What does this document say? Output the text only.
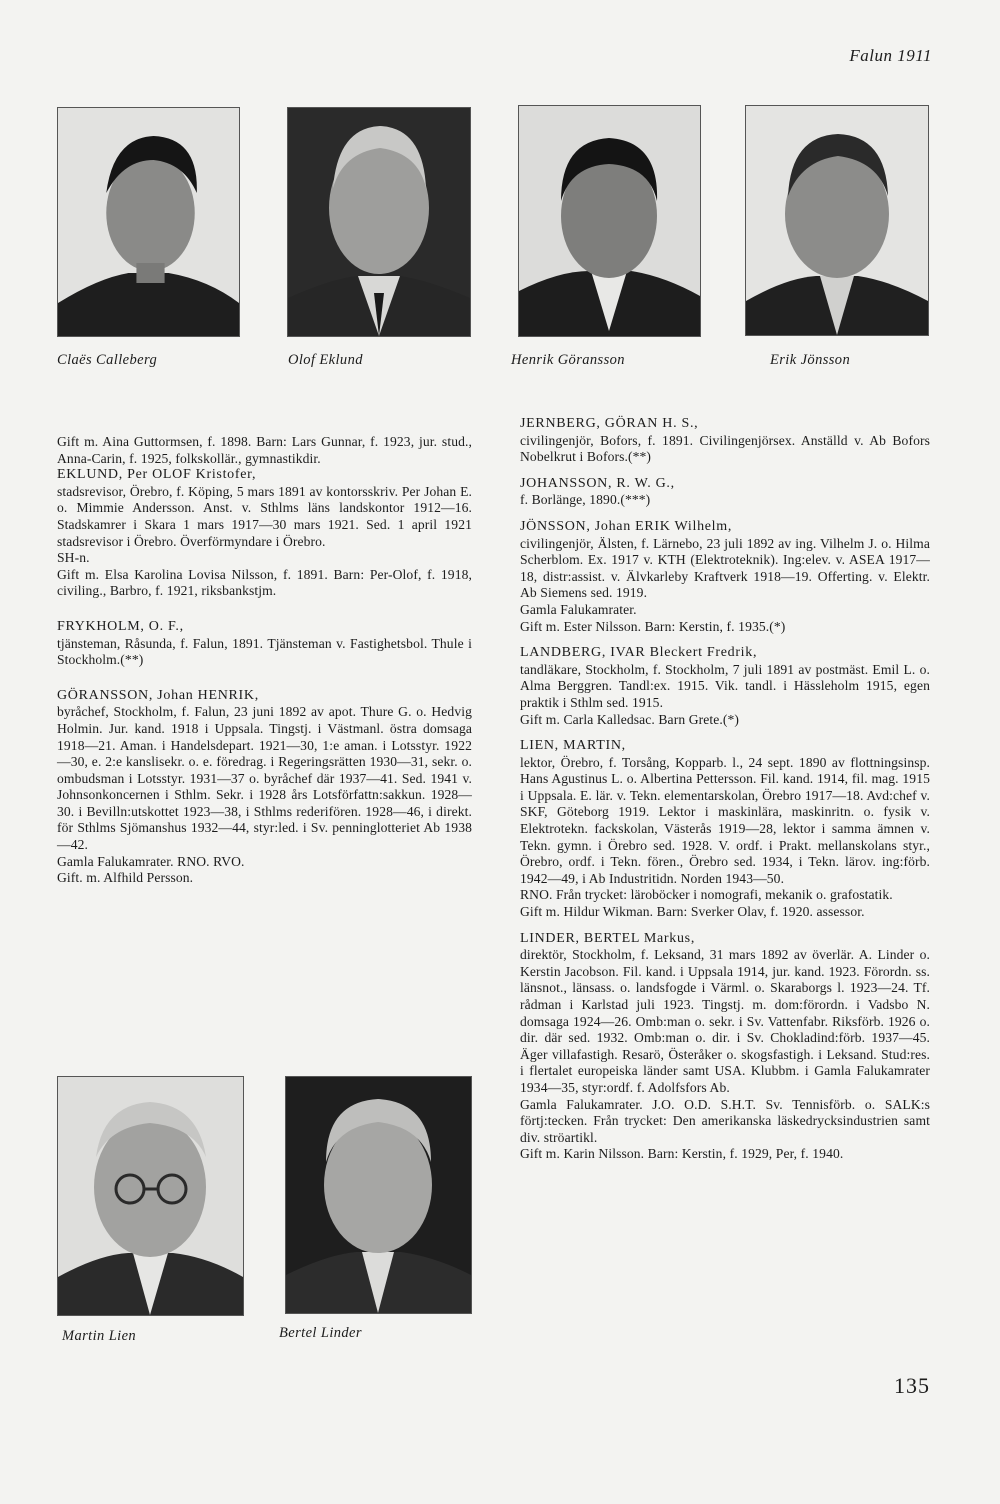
Falun 1911
Claës Calleberg	Olof Eklund	Henrik Göransson	Erik Jönsson

Gift m. Aina Guttormsen, f. 1898. Barn: Lars Gunnar, f. 1923, jur. stud., Anna-Carin, f. 1925, folkskollär., gymnastikdir.

EKLUND, Per OLOF Kristofer,

stadsrevisor, Örebro, f. Köping, 5 mars 1891 av kontorsskriv. Per Johan E. o. Mimmie Andersson. Anst. v. Sthlms läns landskontor 1912—16. Stadskamrer i Skara 1 mars 1917—30 mars 1921. Sed. 1 april 1921 stadsrevisor i Örebro. Överförmyndare i Örebro.

SH-n.

Gift m. Elsa Karolina Lovisa Nilsson, f. 1891. Barn: Per-Olof, f. 1918, civiling., Barbro, f. 1921, riksbankstjm.

FRYKHOLM, O. F.,

tjänsteman, Råsunda, f. Falun, 1891. Tjänsteman v. Fastighetsbol. Thule i Stockholm.(**)

GÖRANSSON, Johan HENRIK,

byråchef, Stockholm, f. Falun, 23 juni 1892 av apot. Thure G. o. Hedvig Holmin. Jur. kand. 1918 i Uppsala. Tingstj. i Västmanl. östra domsaga 1918—21. Aman. i Handelsdepart. 1921—30, 1:e aman. i Lotsstyr. 1922—30, e. 2:e kanslisekr. o. e. föredrag. i Regeringsrätten 1930—31, sekr. o. ombudsman i Lotsstyr. 1931—37 o. byråchef där 1937—41. Sed. 1941 v. Johnsonkoncernen i Sthlm. Sekr. i 1928 års Lotsförfattn:sakkun. 1928—30. i Bevilln:utskottet 1923—38, i Sthlms rederifören. 1928—46, i direkt. för Sthlms Sjömanshus 1932—44, styr:led. i Sv. penninglotteriet Ab 1938—42.

Gamla Falukamrater. RNO. RVO.

Gift. m. Alfhild Persson.

Martin Lien	Bertel Linder

JERNBERG, GÖRAN H. S.,

civilingenjör, Bofors, f. 1891. Civilingenjörsex. Anställd v. Ab Bofors Nobelkrut i Bofors.(**)

JOHANSSON, R. W. G.,

f. Borlänge, 1890.(***)

JÖNSSON, Johan ERIK Wilhelm,

civilingenjör, Älsten, f. Lärnebo, 23 juli 1892 av ing. Vilhelm J. o. Hilma Scherblom. Ex. 1917 v. KTH (Elektroteknik). Ing:elev. v. ASEA 1917—18, distr:assist. v. Älvkarleby Kraftverk 1918—19. Offerting. v. Elektr. Ab Siemens sed. 1919.

Gamla Falukamrater.

Gift m. Ester Nilsson. Barn: Kerstin, f. 1935.(*)

LANDBERG, IVAR Bleckert Fredrik,

tandläkare, Stockholm, f. Stockholm, 7 juli 1891 av postmäst. Emil L. o. Alma Berggren. Tandl:ex. 1915. Vik. tandl. i Hässleholm 1915, egen praktik i Sthlm sed. 1915.

Gift m. Carla Kalledsac. Barn Grete.(*)

LIEN, MARTIN,

lektor, Örebro, f. Torsång, Kopparb. l., 24 sept. 1890 av flottningsinsp. Hans Agustinus L. o. Albertina Pettersson. Fil. kand. 1914, fil. mag. 1915 i Uppsala. E. lär. v. Tekn. elementarskolan, Örebro 1917—18. Avd:chef v. SKF, Göteborg 1919. Lektor i maskinlära, maskinritn. o. fysik v. Elektrotekn. fackskolan, Västerås 1919—28, lektor i samma ämnen v. Tekn. gymn. i Örebro sed. 1928. V. ordf. i Prakt. mellanskolans styr., Örebro, ordf. i Tekn. fören., Örebro sed. 1934, i Tekn. lärov. ing:förb. 1942—49, i Ab Industritidn. Norden 1943—50.

RNO. Från trycket: läroböcker i nomografi, mekanik o. grafostatik.

Gift m. Hildur Wikman. Barn: Sverker Olav, f. 1920. assessor.

LINDER, BERTEL Markus,

direktör, Stockholm, f. Leksand, 31 mars 1892 av överlär. A. Linder o. Kerstin Jacobson. Fil. kand. i Uppsala 1914, jur. kand. 1923. Förordn. ss. länsnot., länsass. o. landsfogde i Värml. o. Skaraborgs l. 1923—24. Tf. rådman i Karlstad juli 1923. Tingstj. m. dom:förordn. i Vadsbo N. domsaga 1924—26. Omb:man o. sekr. i Sv. Vattenfabr. Riksförb. 1926 o. dir. där sed. 1932. Omb:man o. dir. i Sv. Chokladind:förb. 1937—45. Äger villafastigh. Resarö, Österåker o. skogsfastigh. i Leksand. Stud:res. i flertalet europeiska länder samt USA. Klubbm. i Gamla Falukamrater 1934—35, styr:ordf. f. Adolfsfors Ab.

Gamla Falukamrater. J.O. O.D. S.H.T. Sv. Tennisförb. o. SALK:s förtj:tecken. Från trycket: Den amerikanska läskedrycksindustrien samt div. ströartikl.

Gift m. Karin Nilsson. Barn: Kerstin, f. 1929, Per, f. 1940.

135
